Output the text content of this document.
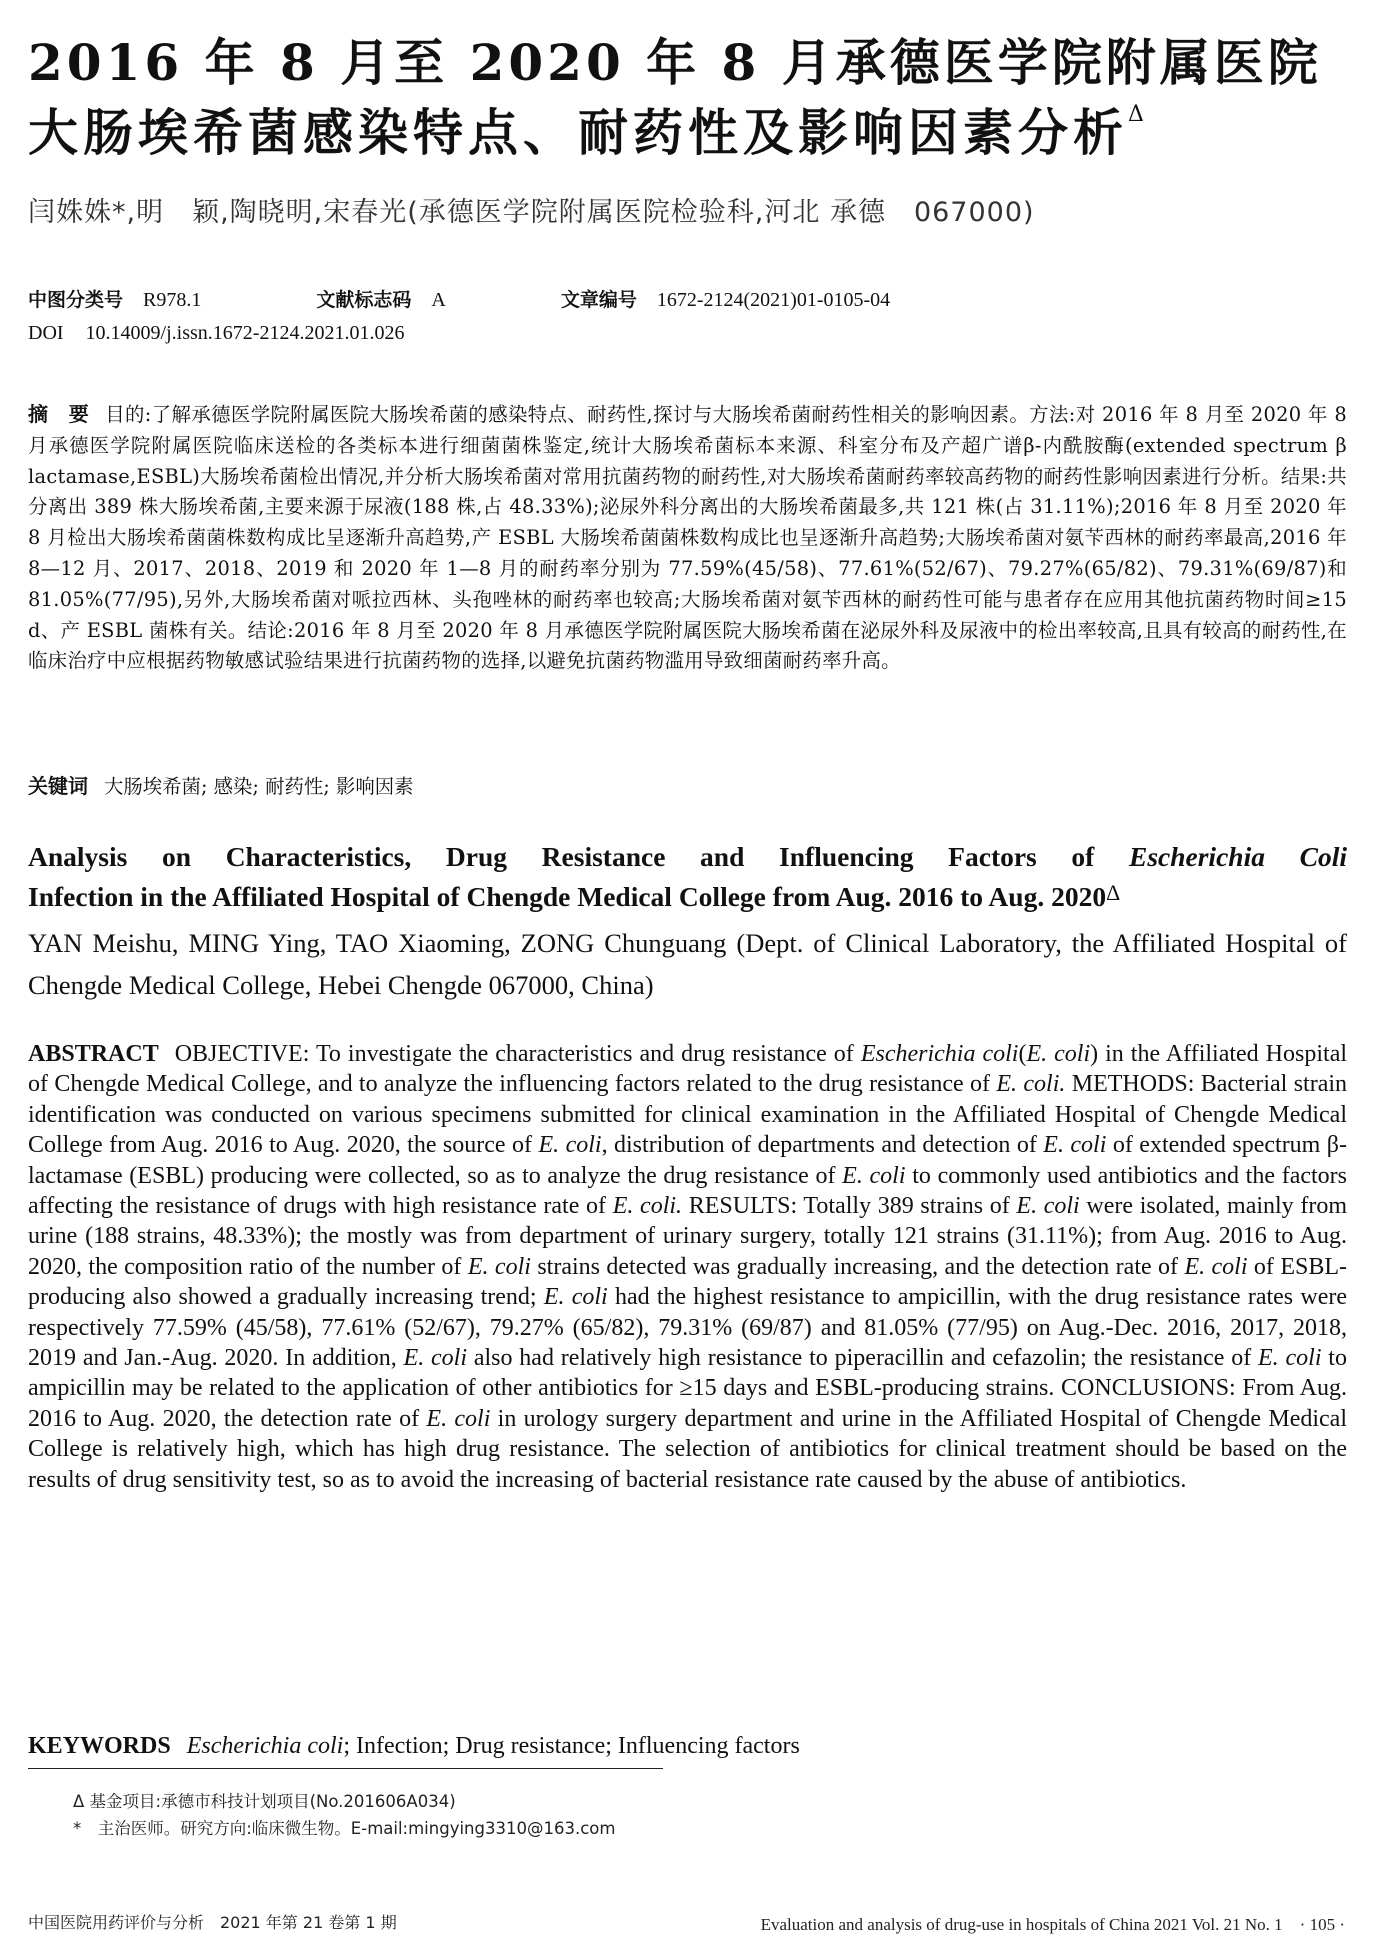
2016 年 8 月至 2020 年 8 月承德医学院附属医院
大肠埃希菌感染特点、耐药性及影响因素分析$^\Delta$
闫姝姝*,明　颖,陶晓明,宋春光(承德医学院附属医院检验科,河北 承德　067000)
中图分类号 R978.1	文献标志码 A	文章编号 1672-2124(2021)01-0105-04
DOI 10.14009/j.issn.1672-2124.2021.01.026
摘　要 目的:了解承德医学院附属医院大肠埃希菌的感染特点、耐药性,探讨与大肠埃希菌耐药性相关的影响因素。方法:对 2016 年 8 月至 2020 年 8 月承德医学院附属医院临床送检的各类标本进行细菌菌株鉴定,统计大肠埃希菌标本来源、科室分布及产超广谱β-内酰胺酶(extended spectrum β lactamase,ESBL)大肠埃希菌检出情况,并分析大肠埃希菌对常用抗菌药物的耐药性,对大肠埃希菌耐药率较高药物的耐药性影响因素进行分析。结果:共分离出 389 株大肠埃希菌,主要来源于尿液(188 株,占 48.33%);泌尿外科分离出的大肠埃希菌最多,共 121 株(占 31.11%);2016 年 8 月至 2020 年 8 月检出大肠埃希菌菌株数构成比呈逐渐升高趋势,产 ESBL 大肠埃希菌菌株数构成比也呈逐渐升高趋势;大肠埃希菌对氨苄西林的耐药率最高,2016 年 8—12 月、2017、2018、2019 和 2020 年 1—8 月的耐药率分别为 77.59%(45/58)、77.61%(52/67)、79.27%(65/82)、79.31%(69/87)和 81.05%(77/95),另外,大肠埃希菌对哌拉西林、头孢唑林的耐药率也较高;大肠埃希菌对氨苄西林的耐药性可能与患者存在应用其他抗菌药物时间≥15 d、产 ESBL 菌株有关。结论:2016 年 8 月至 2020 年 8 月承德医学院附属医院大肠埃希菌在泌尿外科及尿液中的检出率较高,且具有较高的耐药性,在临床治疗中应根据药物敏感试验结果进行抗菌药物的选择,以避免抗菌药物滥用导致细菌耐药率升高。
关键词 大肠埃希菌; 感染; 耐药性; 影响因素
Analysis on Characteristics, Drug Resistance and Influencing Factors of Escherichia Coli
Infection in the Affiliated Hospital of Chengde Medical College from Aug. 2016 to Aug. $2020^\Delta$
YAN Meishu, MING Ying, TAO Xiaoming, ZONG Chunguang (Dept. of Clinical Laboratory, the Affiliated Hospital of Chengde Medical College, Hebei Chengde 067000, China)
ABSTRACT OBJECTIVE: To investigate the characteristics and drug resistance of Escherichia coli(E. coli) in the Affiliated Hospital of Chengde Medical College, and to analyze the influencing factors related to the drug resistance of E. coli. METHODS: Bacterial strain identification was conducted on various specimens submitted for clinical examination in the Affiliated Hospital of Chengde Medical College from Aug. 2016 to Aug. 2020, the source of E. coli, distribution of departments and detection of E. coli of extended spectrum β-lactamase (ESBL) producing were collected, so as to analyze the drug resistance of E. coli to commonly used antibiotics and the factors affecting the resistance of drugs with high resistance rate of E. coli. RESULTS: Totally 389 strains of E. coli were isolated, mainly from urine (188 strains, 48.33%); the mostly was from department of urinary surgery, totally 121 strains (31.11%); from Aug. 2016 to Aug. 2020, the composition ratio of the number of E. coli strains detected was gradually increasing, and the detection rate of E. coli of ESBL-producing also showed a gradually increasing trend; E. coli had the highest resistance to ampicillin, with the drug resistance rates were respectively 77.59% (45/58), 77.61% (52/67), 79.27% (65/82), 79.31% (69/87) and 81.05% (77/95) on Aug.-Dec. 2016, 2017, 2018, 2019 and Jan.-Aug. 2020. In addition, E. coli also had relatively high resistance to piperacillin and cefazolin; the resistance of E. coli to ampicillin may be related to the application of other antibiotics for ≥15 days and ESBL-producing strains. CONCLUSIONS: From Aug. 2016 to Aug. 2020, the detection rate of E. coli in urology surgery department and urine in the Affiliated Hospital of Chengde Medical College is relatively high, which has high drug resistance. The selection of antibiotics for clinical treatment should be based on the results of drug sensitivity test, so as to avoid the increasing of bacterial resistance rate caused by the abuse of antibiotics.
KEYWORDS Escherichia coli; Infection; Drug resistance; Influencing factors
Δ 基金项目:承德市科技计划项目(No.201606A034)
*　主治医师。研究方向:临床微生物。E-mail:mingying3310@163.com
中国医院用药评价与分析　2021 年第 21 卷第 1 期	Evaluation and analysis of drug-use in hospitals of China 2021 Vol. 21 No. 1　· 105 ·
